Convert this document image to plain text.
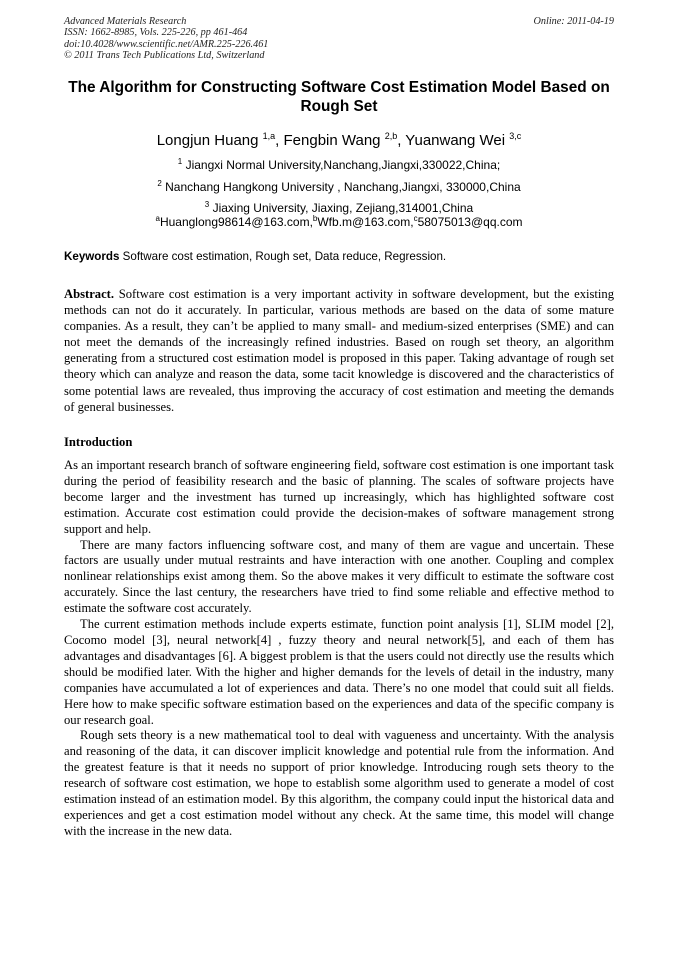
Advanced Materials Research
ISSN: 1662-8985, Vols. 225-226, pp 461-464
doi:10.4028/www.scientific.net/AMR.225-226.461
© 2011 Trans Tech Publications Ltd, Switzerland
Online: 2011-04-19
The Algorithm for Constructing Software Cost Estimation Model Based on Rough Set
Longjun Huang $^{1,a}$, Fengbin Wang $^{2,b}$, Yuanwang Wei $^{3,c}$
$^1$ Jiangxi Normal University,Nanchang,Jiangxi,330022,China;
$^2$ Nanchang Hangkong University , Nanchang,Jiangxi, 330000,China
$^3$ Jiaxing University, Jiaxing, Zejiang,314001,China
$^a$Huanglong98614@163.com,$^b$Wfb.m@163.com,$^c$58075013@qq.com
Keywords Software cost estimation, Rough set, Data reduce, Regression.
Abstract. Software cost estimation is a very important activity in software development, but the existing methods can not do it accurately. In particular, various methods are based on the data of some mature companies. As a result, they can’t be applied to many small- and medium-sized enterprises (SME) and can not meet the demands of the increasingly refined industries. Based on rough set theory, an algorithm generating from a structured cost estimation model is proposed in this paper. Taking advantage of rough set theory which can analyze and reason the data, some tacit knowledge is discovered and the characteristics of some potential laws are revealed, thus improving the accuracy of cost estimation and meeting the demands of general businesses.
Introduction

As an important research branch of software engineering field, software cost estimation is one important task during the period of feasibility research and the basic of planning. The scales of software projects have become larger and the investment has turned up increasingly, which has highlighted software cost estimation. Accurate cost estimation could provide the decision-makes of software management strong support and help.

There are many factors influencing software cost, and many of them are vague and uncertain. These factors are usually under mutual restraints and have interaction with one another. Coupling and complex nonlinear relationships exist among them. So the above makes it very difficult to estimate the software cost accurately. Since the last century, the researchers have tried to find some reliable and effective method to estimate the software cost accurately.

The current estimation methods include experts estimate, function point analysis [1], SLIM model [2], Cocomo model [3], neural network[4] , fuzzy theory and neural network[5], and each of them has advantages and disadvantages [6]. A biggest problem is that the users could not directly use the results which should be modified later. With the higher and higher demands for the levels of detail in the industry, many companies have accumulated a lot of experiences and data. There’s no one model that could suit all fields. Here how to make specific software estimation based on the experiences and data of the specific company is our research goal.

Rough sets theory is a new mathematical tool to deal with vagueness and uncertainty. With the analysis and reasoning of the data, it can discover implicit knowledge and potential rule from the information. And the greatest feature is that it needs no support of prior knowledge. Introducing rough sets theory to the research of software cost estimation, we hope to establish some algorithm used to generate a model of cost estimation instead of an estimation model. By this algorithm, the company could input the historical data and experiences and get a cost estimation model without any check. At the same time, this model will change with the increase in the new data.
